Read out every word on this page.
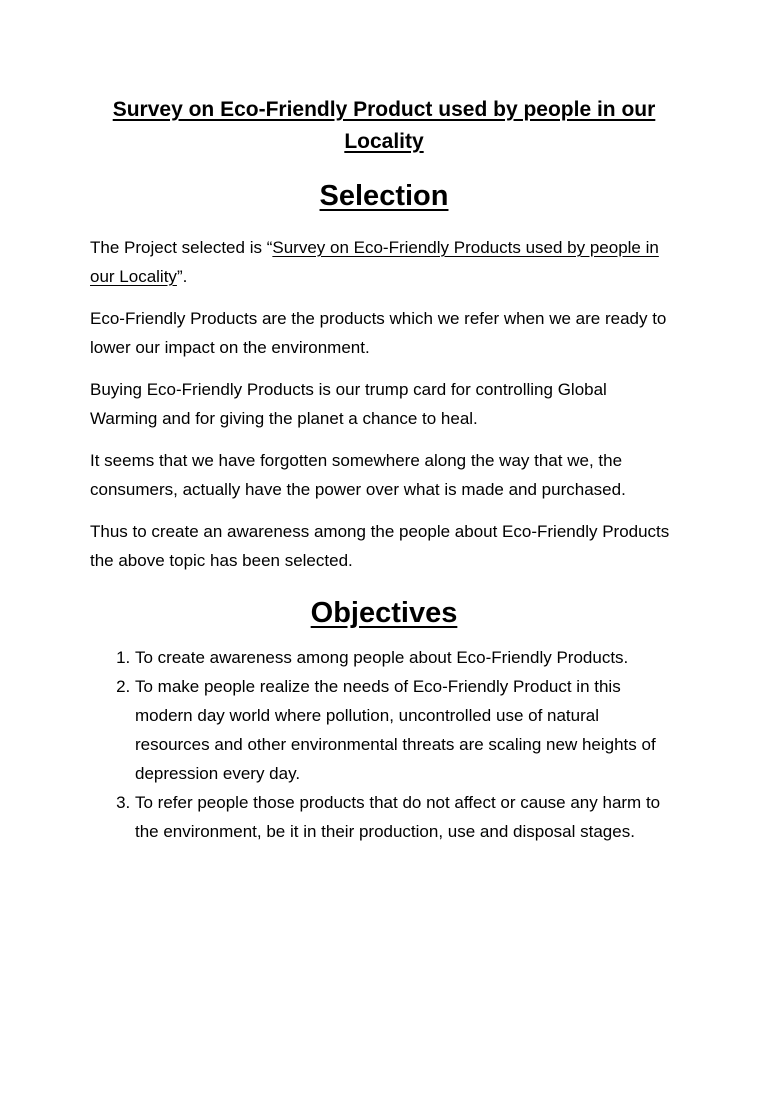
Survey on Eco-Friendly Product used by people in our Locality
Selection

The Project selected is “Survey on Eco-Friendly Products used by people in our Locality”.

Eco-Friendly Products are the products which we refer when we are ready to lower our impact on the environment.

Buying Eco-Friendly Products is our trump card for controlling Global Warming and for giving the planet a chance to heal.

It seems that we have forgotten somewhere along the way that we, the consumers, actually have the power over what is made and purchased.

Thus to create an awareness among the people about Eco-Friendly Products the above topic has been selected.

Objectives
1. To create awareness among people about Eco-Friendly Products.
2. To make people realize the needs of Eco-Friendly Product in this modern day world where pollution, uncontrolled use of natural resources and other environmental threats are scaling new heights of depression every day.
3. To refer people those products that do not affect or cause any harm to the environment, be it in their production, use and disposal stages.
